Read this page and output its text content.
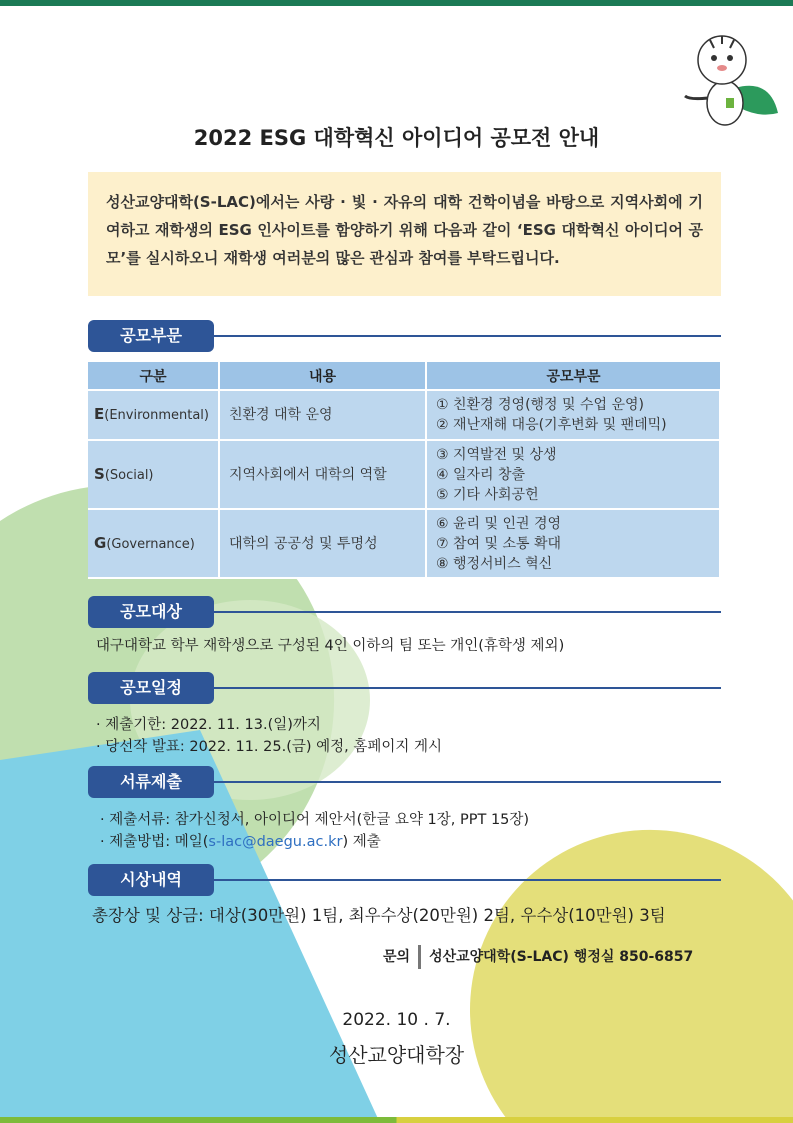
2022 ESG 대학혁신 아이디어 공모전 안내
성산교양대학(S-LAC)에서는 사랑 · 빛 · 자유의 대학 건학이념을 바탕으로 지역사회에 기여하고 재학생의 ESG 인사이트를 함양하기 위해 다음과 같이 ‘ESG 대학혁신 아이디어 공모’를 실시하오니 재학생 여러분의 많은 관심과 참여를 부탁드립니다.
공모부문
구분	내용	공모부문
E(Environmental)	친환경 대학 운영	① 친환경 경영(행정 및 수업 운영)
② 재난재해 대응(기후변화 및 팬데믹)

S(Social)	지역사회에서 대학의 역할	③ 지역발전 및 상생
④ 일자리 창출
⑤ 기타 사회공헌

G(Governance)	대학의 공공성 및 투명성	⑥ 윤리 및 인권 경영
⑦ 참여 및 소통 확대
⑧ 행정서비스 혁신
공모대상
대구대학교 학부 재학생으로 구성된 4인 이하의 팀 또는 개인(휴학생 제외)
공모일정
· 제출기한: 2022. 11. 13.(일)까지
· 당선작 발표: 2022. 11. 25.(금) 예정, 홈페이지 게시
서류제출
· 제출서류: 참가신청서, 아이디어 제안서(한글 요약 1장, PPT 15장)
· 제출방법: 메일(s-lac@daegu.ac.kr) 제출
시상내역
총장상 및 상금: 대상(30만원) 1팀, 최우수상(20만원) 2팀, 우수상(10만원) 3팀
문의 성산교양대학(S-LAC) 행정실 850-6857
2022. 10 . 7.
성산교양대학장
